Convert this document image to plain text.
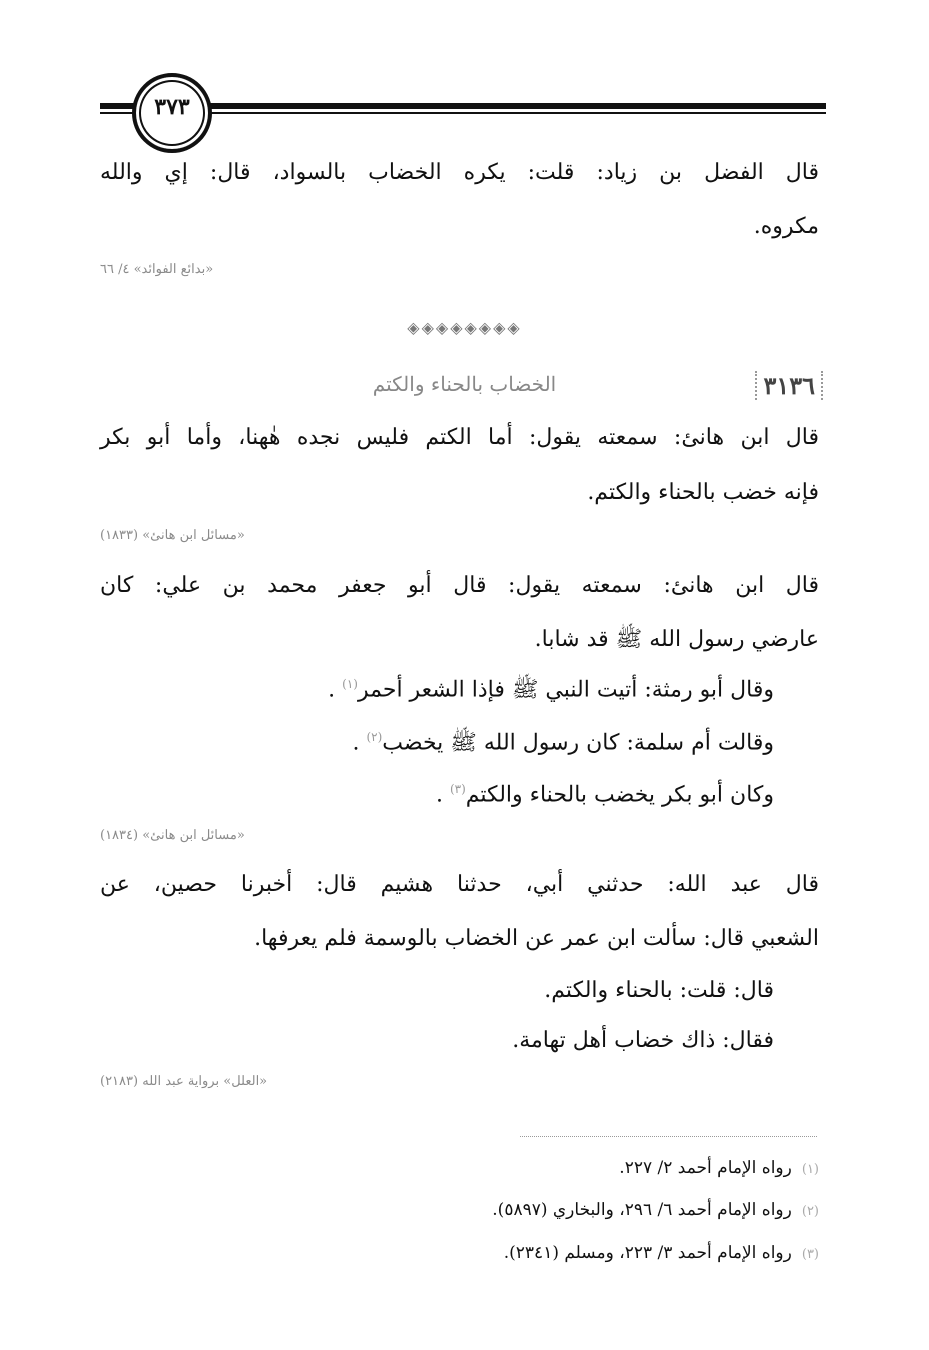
٣٧٣
قال الفضل بن زياد: قلت: يكره الخضاب بالسواد، قال: إي والله
مكروه.
«بدائع الفوائد» ٤/ ٦٦
◈◈◈◈◈◈◈◈
٣١٣٦
الخضاب بالحناء والكتم
قال ابن هانئ: سمعته يقول: أما الكتم فليس نجده هٰهنا، وأما أبو بكر
فإنه خضب بالحناء والكتم.
«مسائل ابن هانئ» (١٨٣٣)
قال ابن هانئ: سمعته يقول: قال أبو جعفر محمد بن علي: كان
عارضي رسول الله ﷺ قد شابا.
وقال أبو رمثة: أتيت النبي ﷺ فإذا الشعر أحمر$^{(١)}$ .
وقالت أم سلمة: كان رسول الله ﷺ يخضب$^{(٢)}$ .
وكان أبو بكر يخضب بالحناء والكتم$^{(٣)}$ .
«مسائل ابن هانئ» (١٨٣٤)
قال عبد الله: حدثني أبي، حدثنا هشيم قال: أخبرنا حصين، عن
الشعبي قال: سألت ابن عمر عن الخضاب بالوسمة فلم يعرفها.
قال: قلت: بالحناء والكتم.
فقال: ذاك خضاب أهل تهامة.
«العلل» برواية عبد الله (٢١٨٣)
(١)رواه الإمام أحمد ٢/ ٢٢٧.
(٢)رواه الإمام أحمد ٦/ ٢٩٦، والبخاري (٥٨٩٧).
(٣)رواه الإمام أحمد ٣/ ٢٢٣، ومسلم (٢٣٤١).
